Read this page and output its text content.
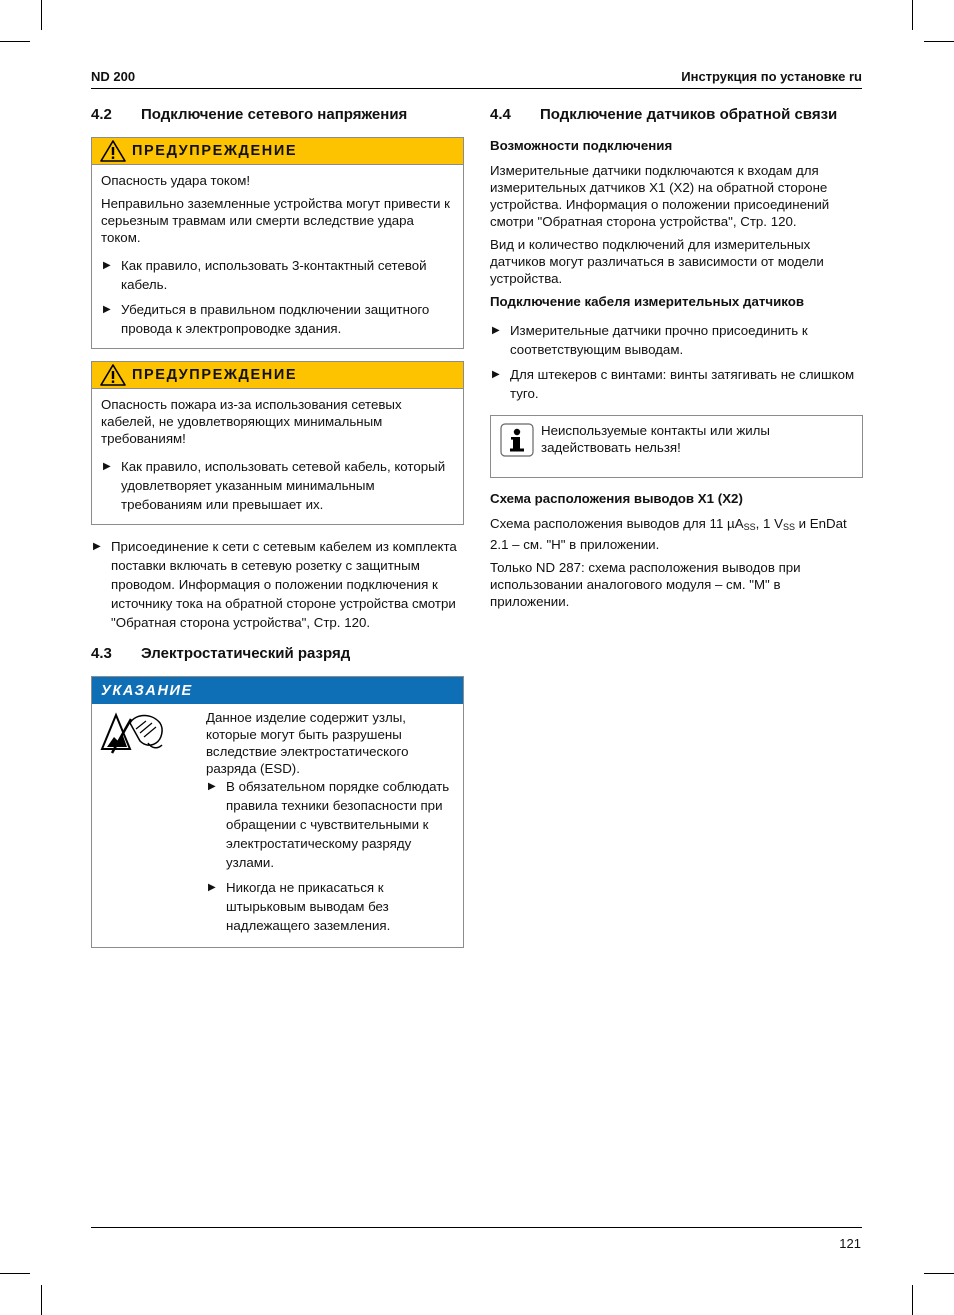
ND 200	Инструкция по установке ru
4.2	Подключение сетевого напряжения
ПРЕДУПРЕЖДЕНИЕ

Опасность удара током!

Неправильно заземленные устройства могут привести к серьезным травмам или смерти вследствие удара током.

▶ Как правило, использовать 3-контактный сетевой кабель.
▶ Убедиться в правильном подключении защитного провода к электропроводке здания.
ПРЕДУПРЕЖДЕНИЕ

Опасность пожара из-за использования сетевых кабелей, не удовлетворяющих минимальным требованиям!

▶ Как правило, использовать сетевой кабель, который удовлетворяет указанным минимальным требованиям или превышает их.
▶ Присоединение к сети с сетевым кабелем из комплекта поставки включать в сетевую розетку с защитным проводом. Информация о положении подключения к источнику тока на обратной стороне устройства смотри "Обратная сторона устройства", Стр. 120.
4.3	Электростатический разряд
УКАЗАНИЕ

Данное изделие содержит узлы, которые могут быть разрушены вследствие электростатического разряда (ESD).

▶ В обязательном порядке соблюдать правила техники безопасности при обращении с чувствительными к электростатическому разряду узлами.
▶ Никогда не прикасаться к штырьковым выводам без надлежащего заземления.
4.4	Подключение датчиков обратной связи
Возможности подключения

Измерительные датчики подключаются к входам для измерительных датчиков X1 (X2) на обратной стороне устройства. Информация о положении присоединений смотри "Обратная сторона устройства", Стр. 120.

Вид и количество подключений для измерительных датчиков могут различаться в зависимости от модели устройства.

Подключение кабеля измерительных датчиков
▶ Измерительные датчики прочно присоединить к соответствующим выводам.
▶ Для штекеров с винтами: винты затягивать не слишком туго.
Неиспользуемые контакты или жилы задействовать нельзя!
Схема расположения выводов X1 (X2)

Схема расположения выводов для 11 µA$_{SS}$, 1 $V_{SS}$ и EnDat 2.1 – см. "H" в приложении.

Только ND 287: схема расположения выводов при использовании аналогового модуля – см. "M" в приложении.

121
